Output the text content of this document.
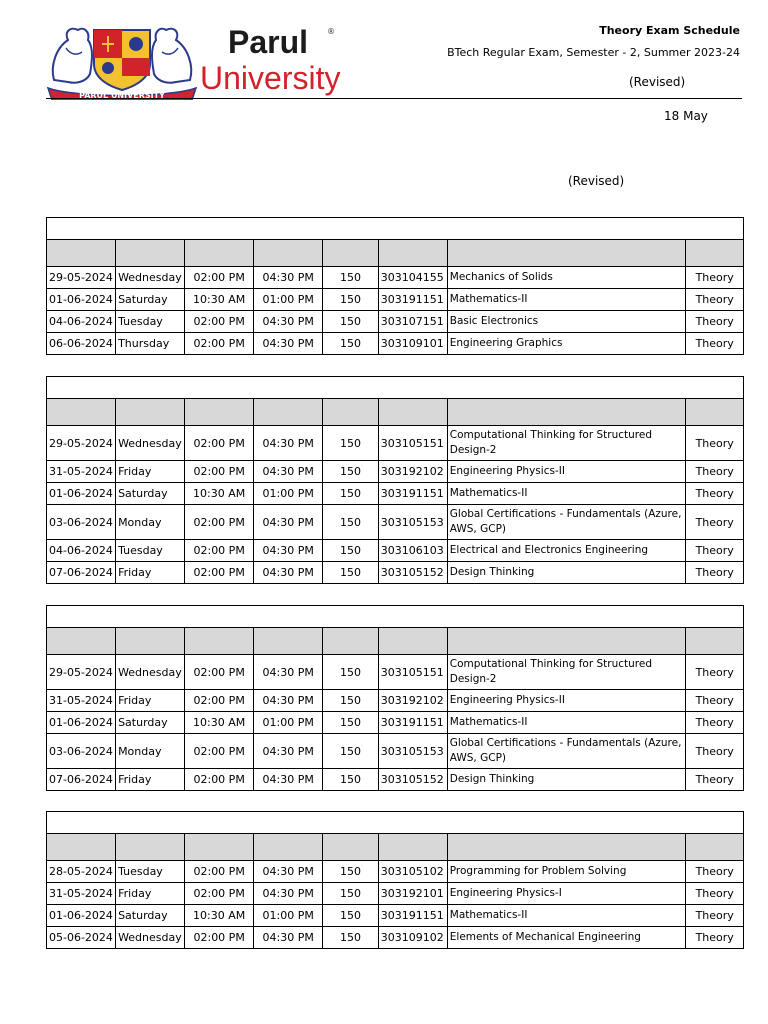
PARUL UNIVERSITY
Parul ®
University
Theory Exam Schedule
BTech Regular Exam, Semester - 2, Summer 2023-24
(Revised)
18 May
(Revised)

29-05-2024	Wednesday	02:00 PM	04:30 PM	150	303104155	Mechanics of Solids	Theory
01-06-2024	Saturday	10:30 AM	01:00 PM	150	303191151	Mathematics-II	Theory
04-06-2024	Tuesday	02:00 PM	04:30 PM	150	303107151	Basic Electronics	Theory
06-06-2024	Thursday	02:00 PM	04:30 PM	150	303109101	Engineering Graphics	Theory

29-05-2024	Wednesday	02:00 PM	04:30 PM	150	303105151	Computational Thinking for Structured Design-2	Theory
31-05-2024	Friday	02:00 PM	04:30 PM	150	303192102	Engineering Physics-II	Theory
01-06-2024	Saturday	10:30 AM	01:00 PM	150	303191151	Mathematics-II	Theory
03-06-2024	Monday	02:00 PM	04:30 PM	150	303105153	Global Certifications - Fundamentals (Azure, AWS, GCP)	Theory
04-06-2024	Tuesday	02:00 PM	04:30 PM	150	303106103	Electrical and Electronics Engineering	Theory
07-06-2024	Friday	02:00 PM	04:30 PM	150	303105152	Design Thinking	Theory

29-05-2024	Wednesday	02:00 PM	04:30 PM	150	303105151	Computational Thinking for Structured Design-2	Theory
31-05-2024	Friday	02:00 PM	04:30 PM	150	303192102	Engineering Physics-II	Theory
01-06-2024	Saturday	10:30 AM	01:00 PM	150	303191151	Mathematics-II	Theory
03-06-2024	Monday	02:00 PM	04:30 PM	150	303105153	Global Certifications - Fundamentals (Azure, AWS, GCP)	Theory
07-06-2024	Friday	02:00 PM	04:30 PM	150	303105152	Design Thinking	Theory

28-05-2024	Tuesday	02:00 PM	04:30 PM	150	303105102	Programming for Problem Solving	Theory
31-05-2024	Friday	02:00 PM	04:30 PM	150	303192101	Engineering Physics-I	Theory
01-06-2024	Saturday	10:30 AM	01:00 PM	150	303191151	Mathematics-II	Theory
05-06-2024	Wednesday	02:00 PM	04:30 PM	150	303109102	Elements of Mechanical Engineering	Theory
